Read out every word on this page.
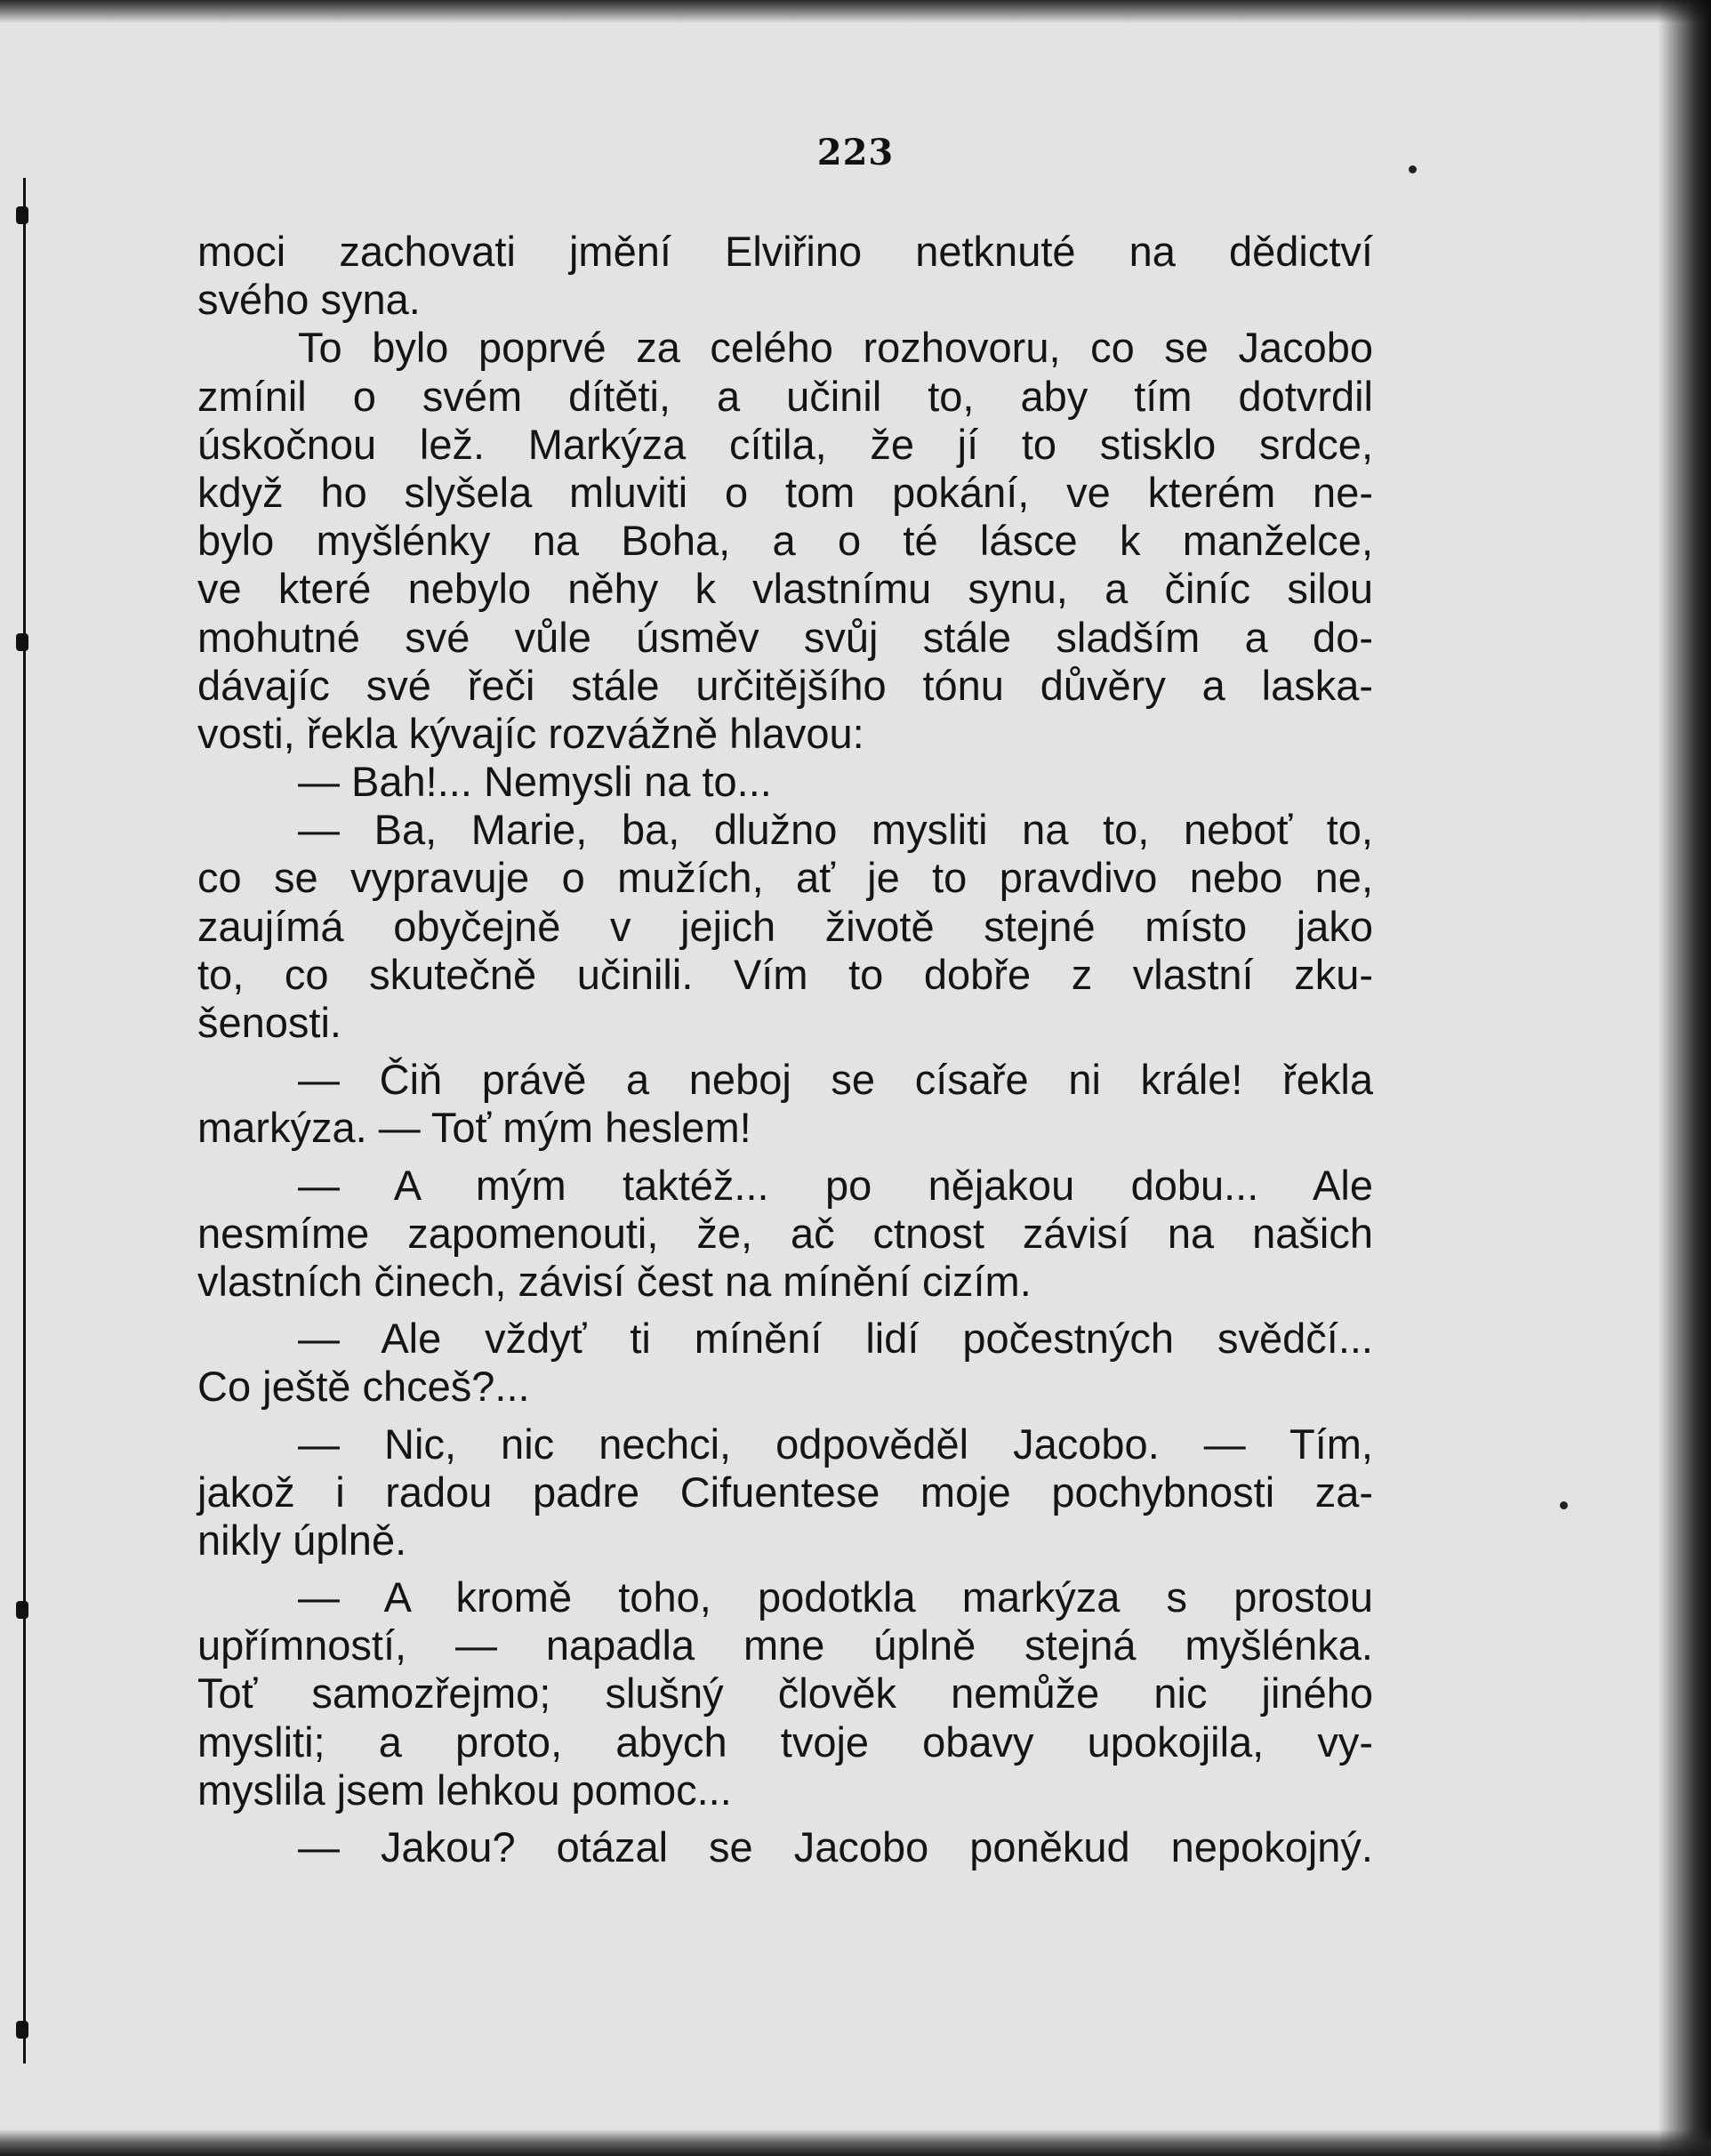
223
moci zachovati jmění Elviřino netknuté na dědictví
svého syna.
To bylo poprvé za celého rozhovoru, co se Jacobo
zmínil o svém dítěti, a učinil to, aby tím dotvrdil
úskočnou lež. Markýza cítila, že jí to stisklo srdce,
když ho slyšela mluviti o tom pokání, ve kterém ne-
bylo myšlénky na Boha, a o té lásce k manželce,
ve které nebylo něhy k vlastnímu synu, a činíc silou
mohutné své vůle úsměv svůj stále sladším a do-
dávajíc své řeči stále určitějšího tónu důvěry a laska-
vosti, řekla kývajíc rozvážně hlavou:
— Bah!... Nemysli na to...
— Ba, Marie, ba, dlužno mysliti na to, neboť to,
co se vypravuje o mužích, ať je to pravdivo nebo ne,
zaujímá obyčejně v jejich životě stejné místo jako
to, co skutečně učinili. Vím to dobře z vlastní zku-
šenosti.
— Čiň právě a neboj se císaře ni krále! řekla
markýza. — Toť mým heslem!
— A mým taktéž... po nějakou dobu... Ale
nesmíme zapomenouti, že, ač ctnost závisí na našich
vlastních činech, závisí čest na mínění cizím.
— Ale vždyť ti mínění lidí počestných svědčí...
Co ještě chceš?...
— Nic, nic nechci, odpověděl Jacobo. — Tím,
jakož i radou padre Cifuentese moje pochybnosti za-
nikly úplně.
— A kromě toho, podotkla markýza s prostou
upřímností, — napadla mne úplně stejná myšlénka.
Toť samozřejmo; slušný člověk nemůže nic jiného
mysliti; a proto, abych tvoje obavy upokojila, vy-
myslila jsem lehkou pomoc...
— Jakou? otázal se Jacobo poněkud nepokojný.
